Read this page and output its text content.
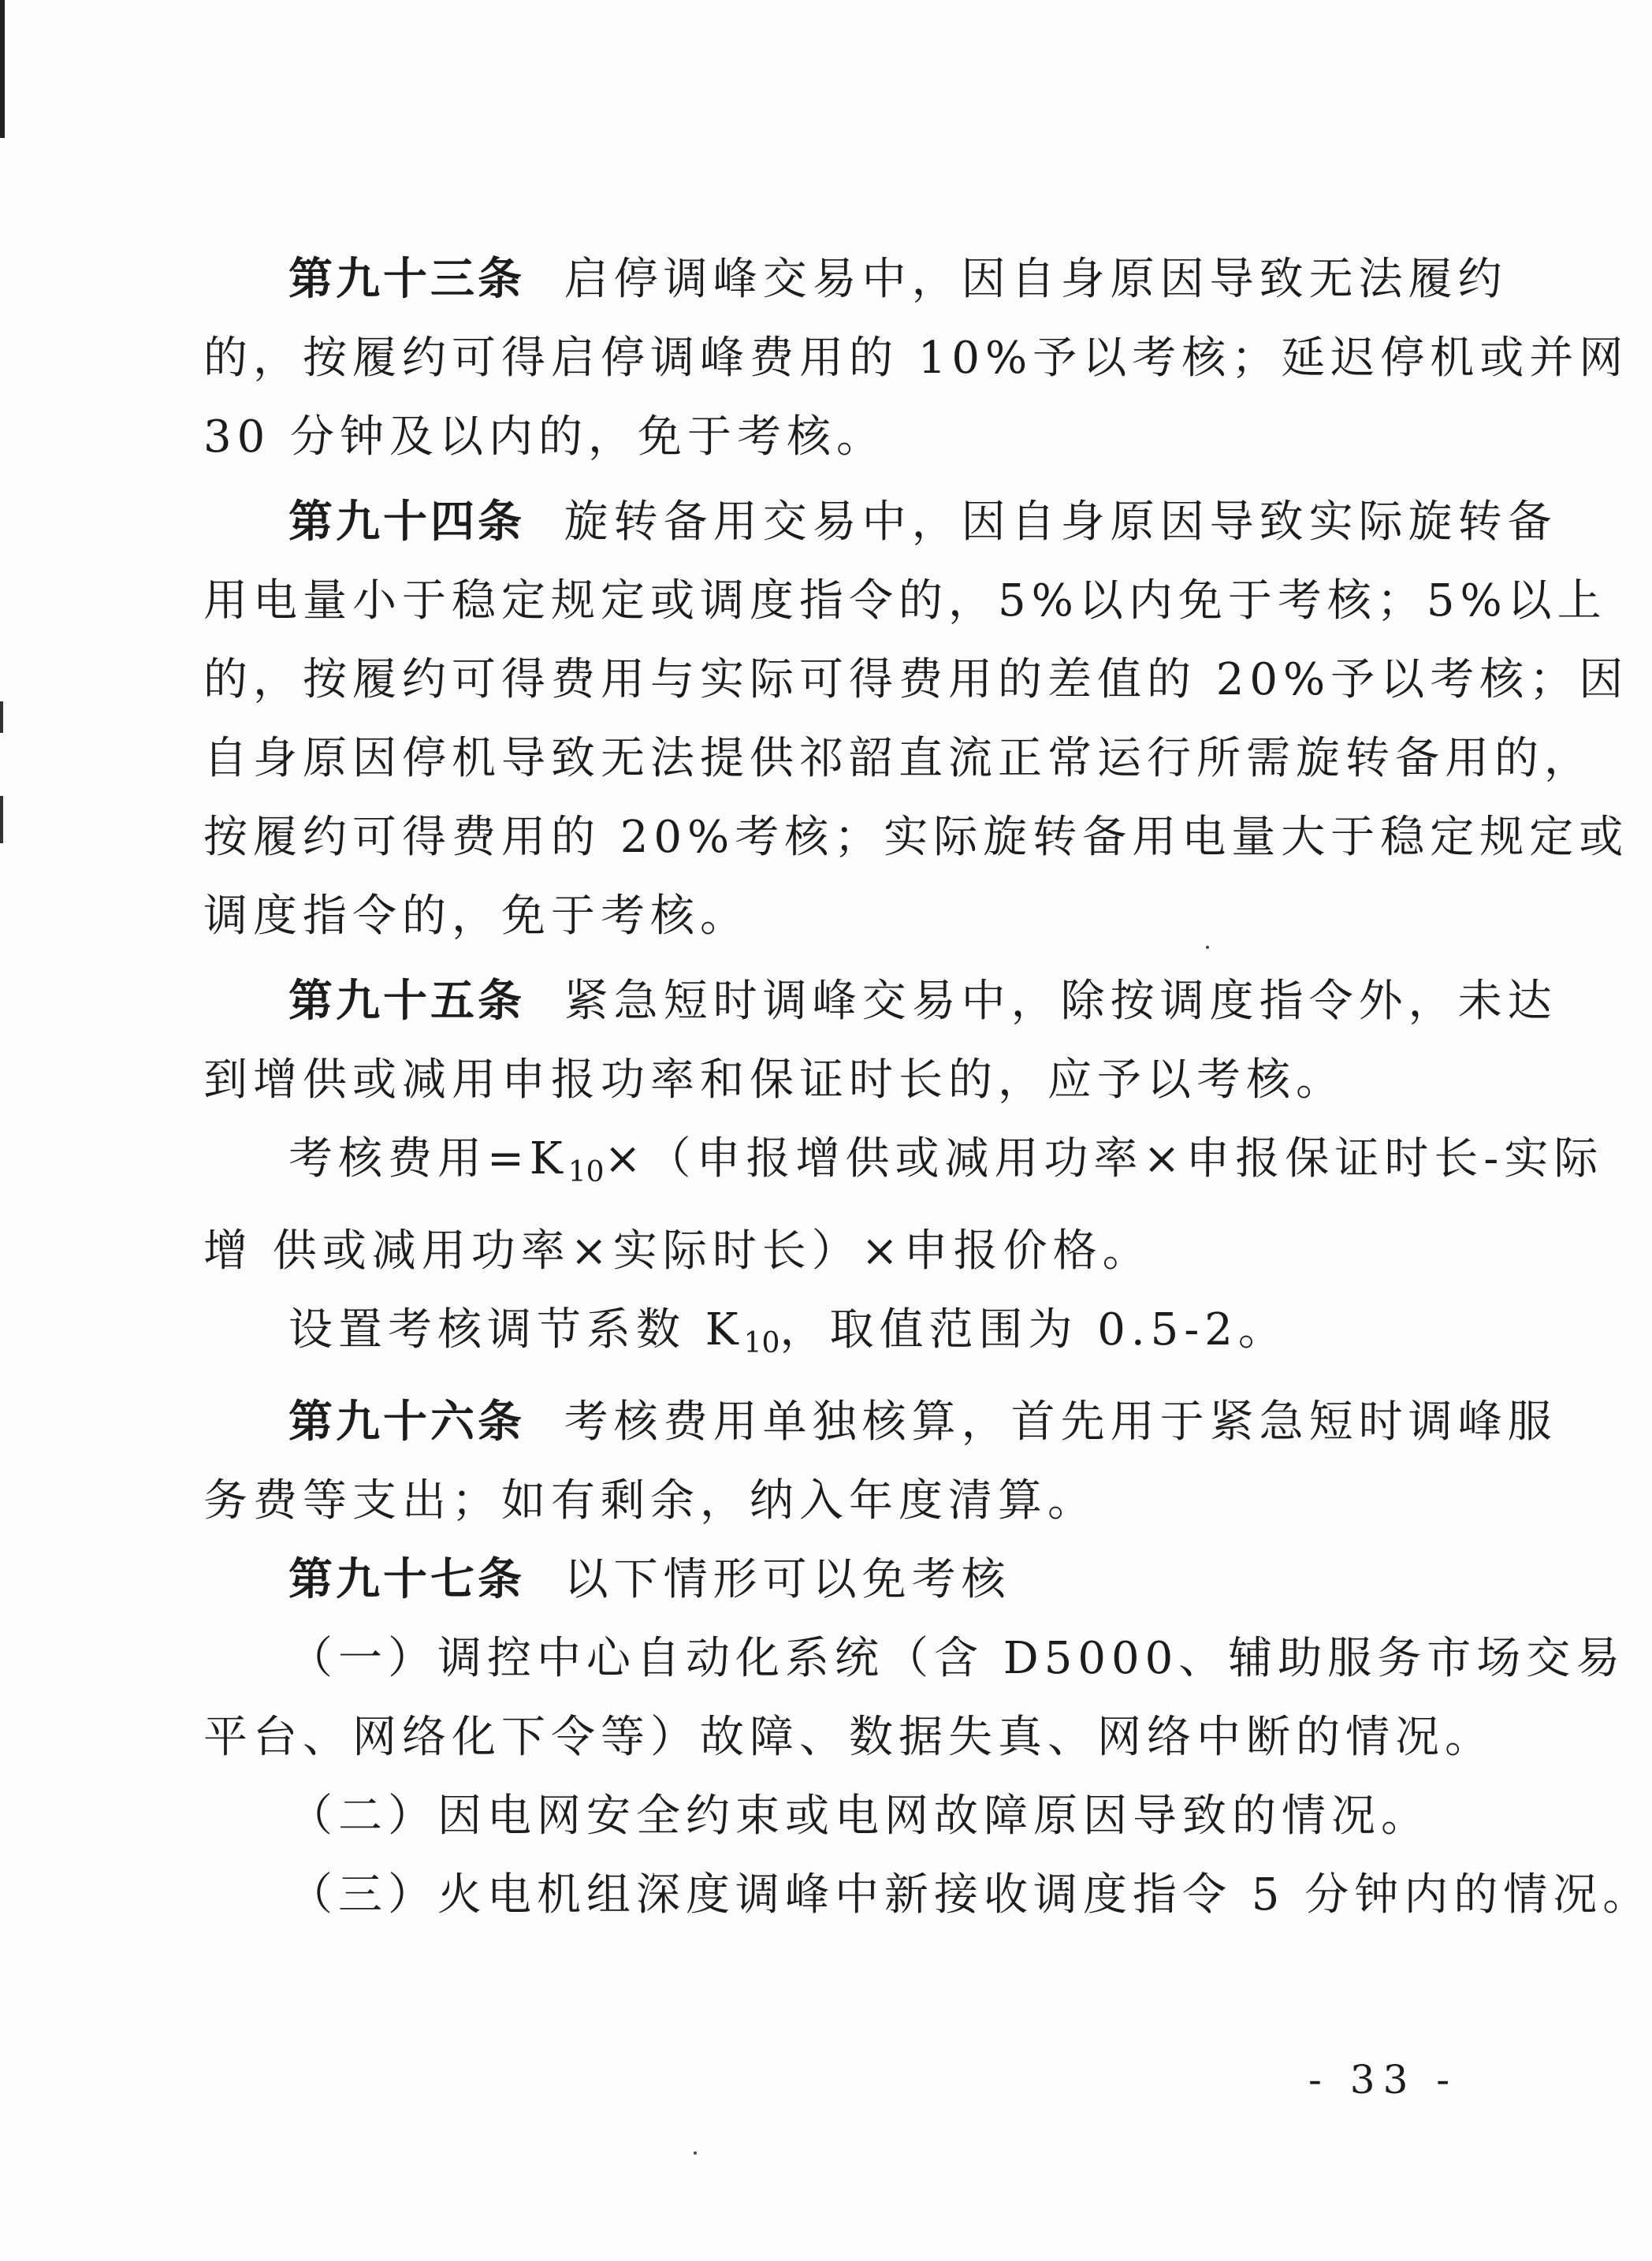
第九十三条 启停调峰交易中，因自身原因导致无法履约

的，按履约可得启停调峰费用的 10%予以考核；延迟停机或并网

30 分钟及以内的，免于考核。

第九十四条 旋转备用交易中，因自身原因导致实际旋转备

用电量小于稳定规定或调度指令的，5%以内免于考核；5%以上

的，按履约可得费用与实际可得费用的差值的 20%予以考核；因

自身原因停机导致无法提供祁韶直流正常运行所需旋转备用的，

按履约可得费用的 20%考核；实际旋转备用电量大于稳定规定或

调度指令的，免于考核。

第九十五条 紧急短时调峰交易中，除按调度指令外，未达

到增供或减用申报功率和保证时长的，应予以考核。

考核费用$=K_{10}\times$（申报增供或减用功率×申报保证时长-实际

增 供或减用功率×实际时长）×申报价格。

设置考核调节系数 $K_{10}$，取值范围为 0.5-2。

第九十六条 考核费用单独核算，首先用于紧急短时调峰服

务费等支出；如有剩余，纳入年度清算。

第九十七条 以下情形可以免考核

（一）调控中心自动化系统（含 D5000、辅助服务市场交易

平台、网络化下令等）故障、数据失真、网络中断的情况。

（二）因电网安全约束或电网故障原因导致的情况。

（三）火电机组深度调峰中新接收调度指令 5 分钟内的情况。

- 33 -
